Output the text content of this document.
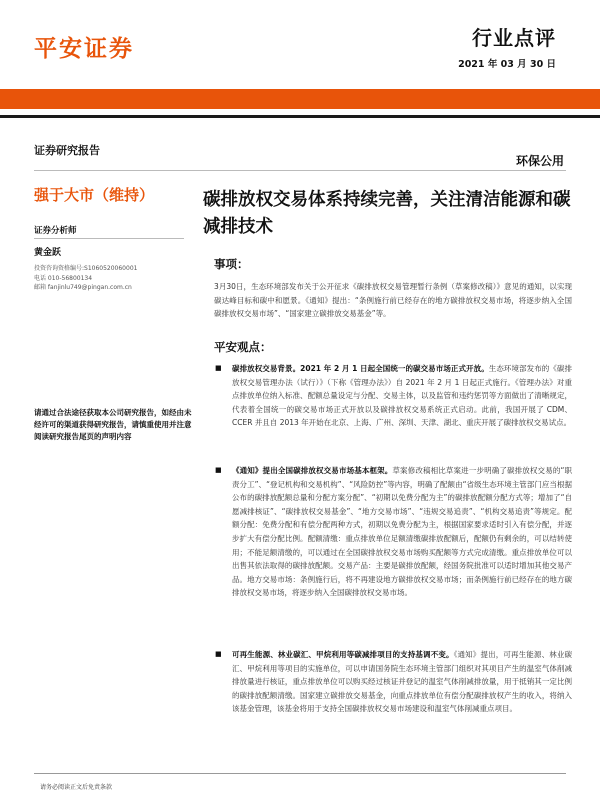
平安证券	行业点评
2021 年 03 月 30 日
证券研究报告
环保公用
强于大市（维持）
证券分析师
黄金跃
投资咨询资格编号:S1060520060001
电话 010-56800134
邮箱 fanjinlu749@pingan.com.cn
请通过合法途径获取本公司研究报告，如经由未经许可的渠道获得研究报告，请慎重使用并注意阅读研究报告尾页的声明内容
碳排放权交易体系持续完善，关注清洁能源和碳减排技术
事项：
3月30日，生态环境部发布关于公开征求《碳排放权交易管理暂行条例（草案修改稿）》意见的通知，以实现碳达峰目标和碳中和愿景。《通知》提出：“条例施行前已经存在的地方碳排放权交易市场，将逐步纳入全国碳排放权交易市场”、“国家建立碳排放交易基金”等。
平安观点：
■ 碳排放权交易背景。2021 年 2 月 1 日起全国统一的碳交易市场正式开放。生态环境部发布的《碳排放权交易管理办法（试行）》（下称《管理办法》）自 2021 年 2 月 1 日起正式施行。《管理办法》对重点排放单位纳入标准、配额总量设定与分配、交易主体，以及监管和违约惩罚等方面做出了清晰规定，代表着全国统一的碳交易市场正式开放以及碳排放权交易系统正式启动。此前，我国开展了 CDM、CCER 并且自 2013 年开始在北京、上海、广州、深圳、天津、湖北、重庆开展了碳排放权交易试点。
■ 《通知》提出全国碳排放权交易市场基本框架。草案修改稿相比草案进一步明确了碳排放权交易的“职责分工”、“登记机构和交易机构”、“风险防控”等内容，明确了配额由“省级生态环境主管部门应当根据公布的碳排放配额总量和分配方案分配”、“初期以免费分配为主”的碳排放配额分配方式等；增加了“自愿减排核证”、“碳排放权交易基金”、“地方交易市场”、“违规交易追责”、“机构交易追责”等规定。配额分配：免费分配和有偿分配两种方式，初期以免费分配为主，根据国家要求适时引入有偿分配，并逐步扩大有偿分配比例。配额清缴：重点排放单位足额清缴碳排放配额后，配额仍有剩余的，可以结转使用；不能足额清缴的，可以通过在全国碳排放权交易市场购买配额等方式完成清缴。重点排放单位可以出售其依法取得的碳排放配额。交易产品：主要是碳排放配额，经国务院批准可以适时增加其他交易产品。地方交易市场：条例施行后，将不再建设地方碳排放权交易市场；而条例施行前已经存在的地方碳排放权交易市场，将逐步纳入全国碳排放权交易市场。
■ 可再生能源、林业碳汇、甲烷利用等碳减排项目的支持基调不变。《通知》提出，可再生能源、林业碳汇、甲烷利用等项目的实施单位，可以申请国务院生态环境主管部门组织对其项目产生的温室气体削减排放量进行核证，重点排放单位可以购买经过核证并登记的温室气体削减排放量，用于抵销其一定比例的碳排放配额清缴。国家建立碳排放交易基金，向重点排放单位有偿分配碳排放权产生的收入，将纳入该基金管理，该基金将用于支持全国碳排放权交易市场建设和温室气体削减重点项目。
请务必阅读正文后免责条款
